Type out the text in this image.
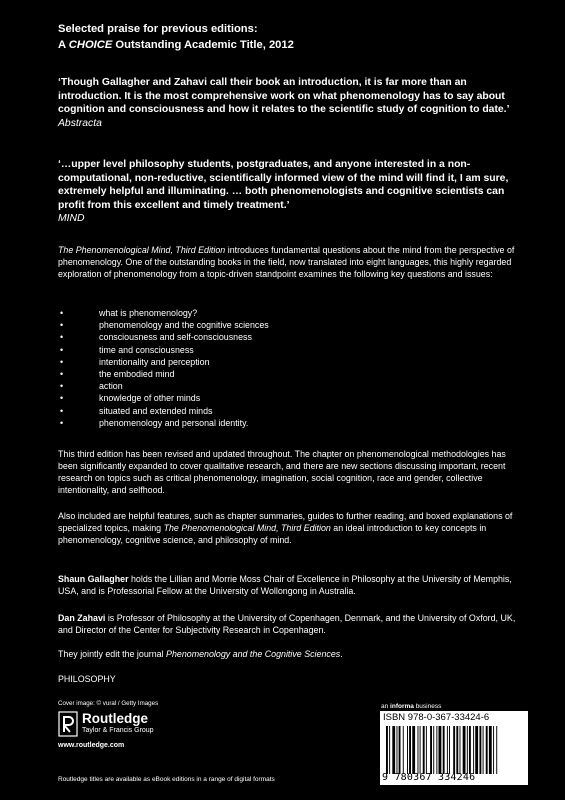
Selected praise for previous editions:
A CHOICE Outstanding Academic Title, 2012
‘Though Gallagher and Zahavi call their book an introduction, it is far more than an introduction. It is the most comprehensive work on what phenomenology has to say about cognition and consciousness and how it relates to the scientific study of cognition to date.’
Abstracta
‘…upper level philosophy students, postgraduates, and anyone interested in a non-computational, non-reductive, scientifically informed view of the mind will find it, I am sure, extremely helpful and illuminating. … both phenomenologists and cognitive scientists can profit from this excellent and timely treatment.’
MIND

The Phenomenological Mind, Third Edition introduces fundamental questions about the mind from the perspective of phenomenology. One of the outstanding books in the field, now translated into eight languages, this highly regarded exploration of phenomenology from a topic-driven standpoint examines the following key questions and issues:

•	what is phenomenology?
•	phenomenology and the cognitive sciences
•	consciousness and self-consciousness
•	time and consciousness
•	intentionality and perception
•	the embodied mind
•	action
•	knowledge of other minds
•	situated and extended minds
•	phenomenology and personal identity.

This third edition has been revised and updated throughout. The chapter on phenomenological methodologies has been significantly expanded to cover qualitative research, and there are new sections discussing important, recent research on topics such as critical phenomenology, imagination, social cognition, race and gender, collective intentionality, and selfhood.

Also included are helpful features, such as chapter summaries, guides to further reading, and boxed explanations of specialized topics, making The Phenomenological Mind, Third Edition an ideal introduction to key concepts in phenomenology, cognitive science, and philosophy of mind.

Shaun Gallagher holds the Lillian and Morrie Moss Chair of Excellence in Philosophy at the University of Memphis, USA, and is Professorial Fellow at the University of Wollongong in Australia.

Dan Zahavi is Professor of Philosophy at the University of Copenhagen, Denmark, and the University of Oxford, UK, and Director of the Center for Subjectivity Research in Copenhagen.

They jointly edit the journal Phenomenology and the Cognitive Sciences.

PHILOSOPHY

Cover image: © vural / Getty Images
Routledge
Taylor & Francis Group
www.routledge.com
Routledge titles are available as eBook editions in a range of digital formats
an informa business
ISBN 978-0-367-33424-6
9 780367 334246
